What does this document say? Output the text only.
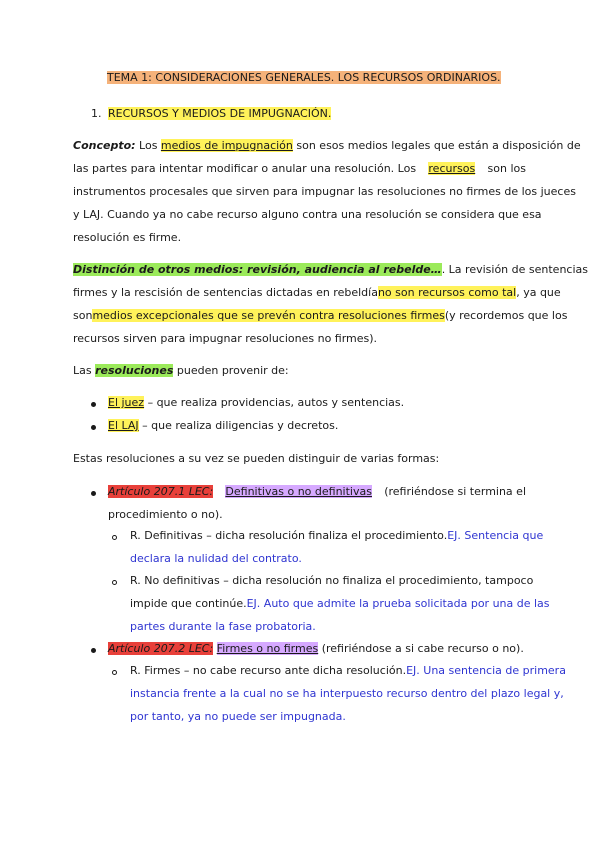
TEMA 1: CONSIDERACIONES GENERALES. LOS RECURSOS ORDINARIOS.
1. RECURSOS Y MEDIOS DE IMPUGNACIÓN.
Concepto: Los medios de impugnación son esos medios legales que están a disposición de
las partes para intentar modificar o anular una resolución. Los recursos son los
instrumentos procesales que sirven para impugnar las resoluciones no firmes de los jueces
y LAJ. Cuando ya no cabe recurso alguno contra una resolución se considera que esa
resolución es firme.
Distinción de otros medios: revisión, audiencia al rebelde…. La revisión de sentencias
firmes y la rescisión de sentencias dictadas en rebeldía no son recursos como tal, ya que
son medios excepcionales que se prevén contra resoluciones firmes (y recordemos que los
recursos sirven para impugnar resoluciones no firmes).
Las resoluciones pueden provenir de:
El juez – que realiza providencias, autos y sentencias.
El LAJ – que realiza diligencias y decretos.
Estas resoluciones a su vez se pueden distinguir de varias formas:
Artículo 207.1 LEC: Definitivas o no definitivas (refiriéndose si termina el
procedimiento o no).
R. Definitivas – dicha resolución finaliza el procedimiento. EJ. Sentencia que
declara la nulidad del contrato.
R. No definitivas – dicha resolución no finaliza el procedimiento, tampoco
impide que continúe. EJ. Auto que admite la prueba solicitada por una de las
partes durante la fase probatoria.
Artículo 207.2 LEC: Firmes o no firmes (refiriéndose a si cabe recurso o no).
R. Firmes – no cabe recurso ante dicha resolución. EJ. Una sentencia de primera
instancia frente a la cual no se ha interpuesto recurso dentro del plazo legal y,
por tanto, ya no puede ser impugnada.
